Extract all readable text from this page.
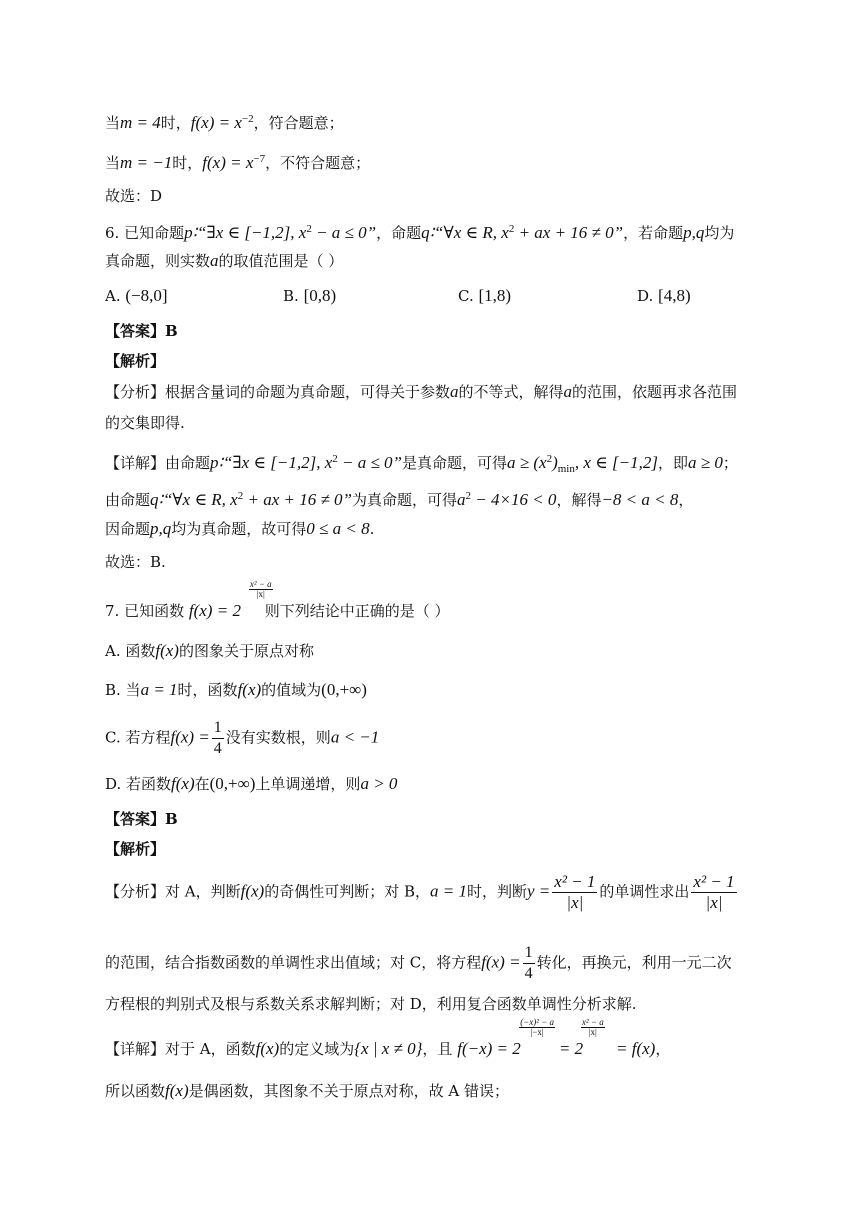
当m = 4时，$f(x) = x^{-2}$，符合题意；
当m = −1时，$f(x) = x^{-7}$，不符合题意；
故选：D
6. 已知命题p∶“∃x ∈ [−1,2], $x^2 - a \le 0$”，命题q∶“∀x ∈ R, $x^2$ + ax + 16 ≠ 0”，若命题p,q均为
真命题，则实数a的取值范围是（ ）
A. (−8,0]	B. [0,8)	C. [1,8)	D. [4,8)
【答案】B
【解析】
【分析】根据含量词的命题为真命题，可得关于参数a的不等式，解得a的范围，依题再求各范围
的交集即得.
【详解】由命题p∶“∃x ∈ [−1,2], $x^2 - a \le 0$”是真命题，可得$a \ge (x^2)_{min}$, x ∈ [−1,2]，即a ≥ 0；
由命题q∶“∀x ∈ R, $x^2$ + ax + 16 ≠ 0”为真命题，可得$a^2 - 4\times 16 < 0$，解得−8 < a < 8，
因命题p,q均为真命题，故可得0 ≤ a < 8.
故选：B.
7. 已知函数 f(x) = 2
x² − a
|x|
则下列结论中正确的是（ ）
A. 函数f(x)的图象关于原点对称
B. 当a = 1时，函数f(x)的值域为(0,+∞)
C. 若方程$f(x) = \frac{1}{4}$ 没有实数根，则a < −1
D. 若函数f(x)在(0,+∞)上单调递增，则a > 0
【答案】B
【解析】
【分析】对 A，判断f(x)的奇偶性可判断；对 B，a = 1时，判断$y = \frac{\text{x² − 1}}{|x|}$ 的单调性求出 $\frac{\text{x² − 1}}{|x|}$
的范围，结合指数函数的单调性求出值域；对 C，将方程$f(x) = \frac{1}{4}$ 转化，再换元，利用一元二次
方程根的判别式及根与系数关系求解判断；对 D，利用复合函数单调性分析求解.
【详解】对于 A，函数f(x)的定义域为{x | x ≠ 0}，且 f(−x) = 2
(−x)² − a
|−x|
= 2
x² − a
|x|
= f(x)，
所以函数f(x)是偶函数，其图象不关于原点对称，故 A 错误；
